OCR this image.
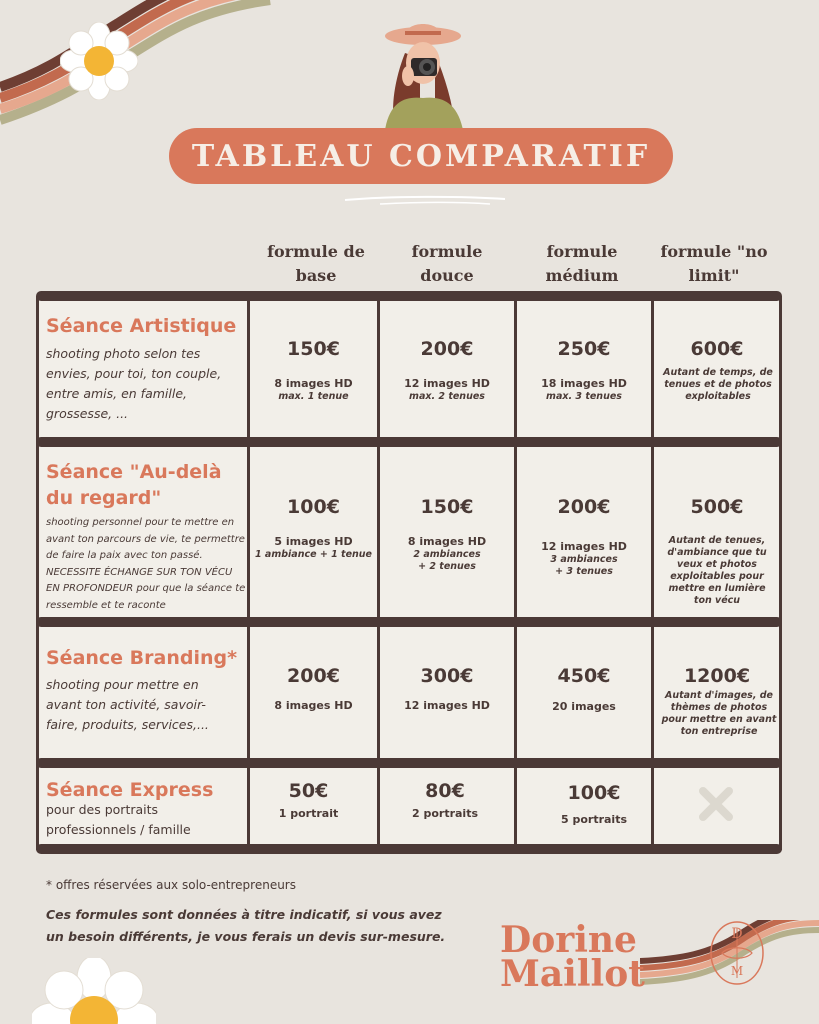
TABLEAU COMPARATIF
formule de base
formule douce
formule médium
formule "no limit"
Séance Artistique
shooting photo selon tes envies, pour toi, ton couple, entre amis, en famille, grossesse, ...
150€
8 images HD
max. 1 tenue
200€
12 images HD
max. 2 tenues
250€
18 images HD
max. 3 tenues
600€
Autant de temps, de tenues et de photos exploitables
Séance "Au-delà du regard"
shooting personnel pour te mettre en avant ton parcours de vie, te permettre de faire la paix avec ton passé. NECESSITE ÉCHANGE SUR TON VÉCU EN PROFONDEUR pour que la séance te ressemble et te raconte
100€
5 images HD
1 ambiance + 1 tenue
150€
8 images HD
2 ambiances + 2 tenues
200€
12 images HD
3 ambiances + 3 tenues
500€
Autant de tenues, d'ambiance que tu veux et photos exploitables pour mettre en lumière ton vécu
Séance Branding*
shooting pour mettre en avant ton activité, savoir-faire, produits, services,...
200€
8 images HD
300€
12 images HD
450€
20 images
1200€
Autant d'images, de thèmes de photos pour mettre en avant ton entreprise
Séance Express
pour des portraits professionnels / famille
50€
1 portrait
80€
2 portraits
100€
5 portraits
* offres réservées aux solo-entrepreneurs
Ces formules sont données à titre indicatif, si vous avez un besoin différents, je vous ferais un devis sur-mesure. Dorine
Maillot
D
M
